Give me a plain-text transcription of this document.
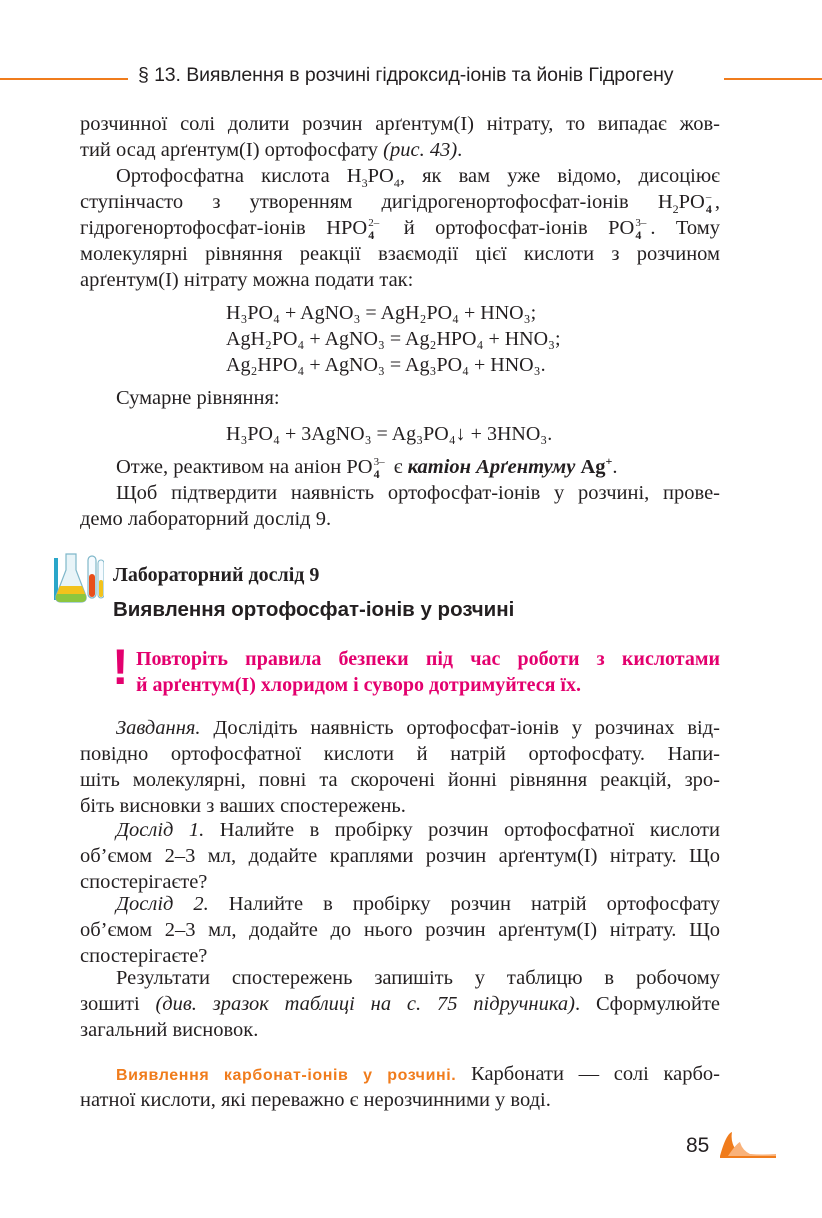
§ 13. Виявлення в розчині гідроксид-іонів та йонів Гідрогену
розчинної солі долити розчин арґентум(I) нітрату, то випадає жов-
тий осад арґентум(I) ортофосфату (рис. 43).
Ортофосфатна кислота $H_3PO_4$, як вам уже відомо, дисоціює
ступінчасто з утворенням дигідрогенортофосфат-іонів $H_2PO$ –
4 ,
гідрогенортофосфат-іонів HPO 2–
4 й ортофосфат-іонів PO 3–
4 . Тому
молекулярні рівняння реакції взаємодії цієї кислоти з розчином
арґентум(I) нітрату можна подати так:
H₃PO₄ + AgNO₃ = AgH₂PO₄ + HNO₃;
AgH₂PO₄ + AgNO₃ = Ag₂HPO₄ + HNO₃;
Ag₂HPO₄ + AgNO₃ = Ag₃PO₄ + HNO₃.
Сумарне рівняння:
H₃PO₄ + 3AgNO₃ = Ag₃PO₄↓ + 3HNO₃.
Отже, реактивом на аніон PO 3–
4 є катіон Арґентуму Ag+.
Щоб підтвердити наявність ортофосфат-іонів у розчині, прове-
демо лабораторний дослід 9.
Лабораторний дослід 9
Виявлення ортофосфат-іонів у розчині
! Повторіть правила безпеки під час роботи з кислотами
й арґентум(I) хлоридом і суворо дотримуйтеся їх.
Завдання. Дослідіть наявність ортофосфат-іонів у розчинах від-
повідно ортофосфатної кислоти й натрій ортофосфату. Напи-
шіть молекулярні, повні та скорочені йонні рівняння реакцій, зро-
біть висновки з ваших спостережень.
Дослід 1. Налийте в пробірку розчин ортофосфатної кислоти
об’ємом 2–3 мл, додайте краплями розчин арґентум(I) нітрату. Що
спостерігаєте?
Дослід 2. Налийте в пробірку розчин натрій ортофосфату
об’ємом 2–3 мл, додайте до нього розчин арґентум(I) нітрату. Що
спостерігаєте?
Результати спостережень запишіть у таблицю в робочому
зошиті (див. зразок таблиці на с. 75 підручника). Сформулюйте
загальний висновок.
Виявлення карбонат-іонів у розчині. Карбонати — солі карбо-
натної кислоти, які переважно є нерозчинними у воді.
85
